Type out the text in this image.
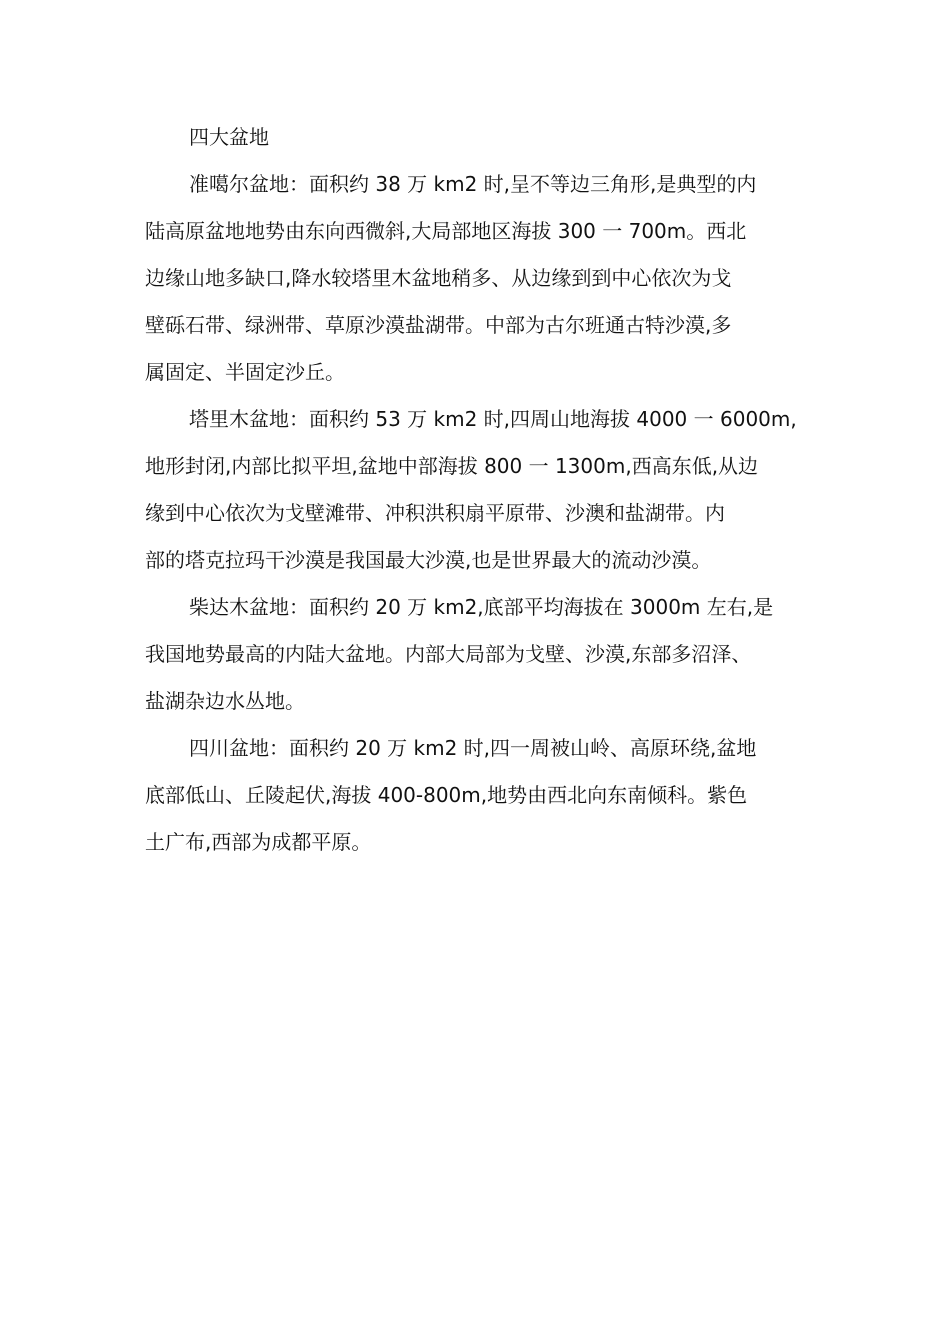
四大盆地

准噶尔盆地：面积约 38 万 km2 时,呈不等边三角形,是典型的内
陆高原盆地地势由东向西微斜,大局部地区海拔 300 一 700m。西北
边缘山地多缺口,降水较塔里木盆地稍多、从边缘到到中心依次为戈
壁砾石带、绿洲带、草原沙漠盐湖带。中部为古尔班通古特沙漠,多
属固定、半固定沙丘。

塔里木盆地：面积约 53 万 km2 时,四周山地海拔 4000 一 6000m,
地形封闭,内部比拟平坦,盆地中部海拔 800 一 1300m,西高东低,从边
缘到中心依次为戈壁滩带、冲积洪积扇平原带、沙澳和盐湖带。内
部的塔克拉玛干沙漠是我国最大沙漠,也是世界最大的流动沙漠。

柴达木盆地：面积约 20 万 km2,底部平均海拔在 3000m 左右,是
我国地势最高的内陆大盆地。内部大局部为戈壁、沙漠,东部多沼泽、
盐湖杂边水丛地。

四川盆地：面积约 20 万 km2 时,四一周被山岭、高原环绕,盆地
底部低山、丘陵起伏,海拔 400-800m,地势由西北向东南倾科。紫色
土广布,西部为成都平原。
